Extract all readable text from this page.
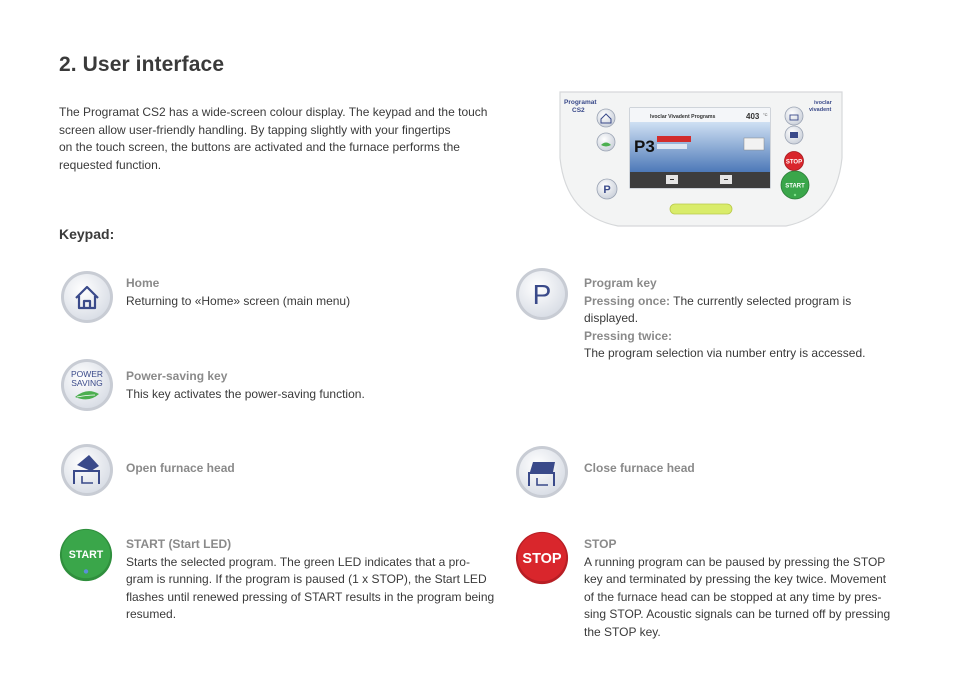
2. User interface

The Programat CS2 has a wide-screen colour display. The keypad and the touch
screen allow user-friendly handling. By tapping slightly with your fingertips
on the touch screen, the buttons are activated and the furnace performs the
requested function.

Programat
CS2
P
Ivoclar Vivadent Programs	403 °C
P3
ivoclar
vivadent
STOP
START

Keypad:

Home
Returning to «Home» screen (main menu)
POWER
SAVING Power-saving key
This key activates the power-saving function.
Open furnace head
START
START (Start LED)
Starts the selected program. The green LED indicates that a pro-
gram is running. If the program is paused (1 x STOP), the Start LED
flashes until renewed pressing of START results in the program being
resumed.
P	Program key
Pressing once: The currently selected program is
displayed.
Pressing twice:
The program selection via number entry is accessed.
Close furnace head
STOP
STOP
A running program can be paused by pressing the STOP
key and terminated by pressing the key twice. Movement
of the furnace head can be stopped at any time by pres-
sing STOP. Acoustic signals can be turned off by pressing
the STOP key.
